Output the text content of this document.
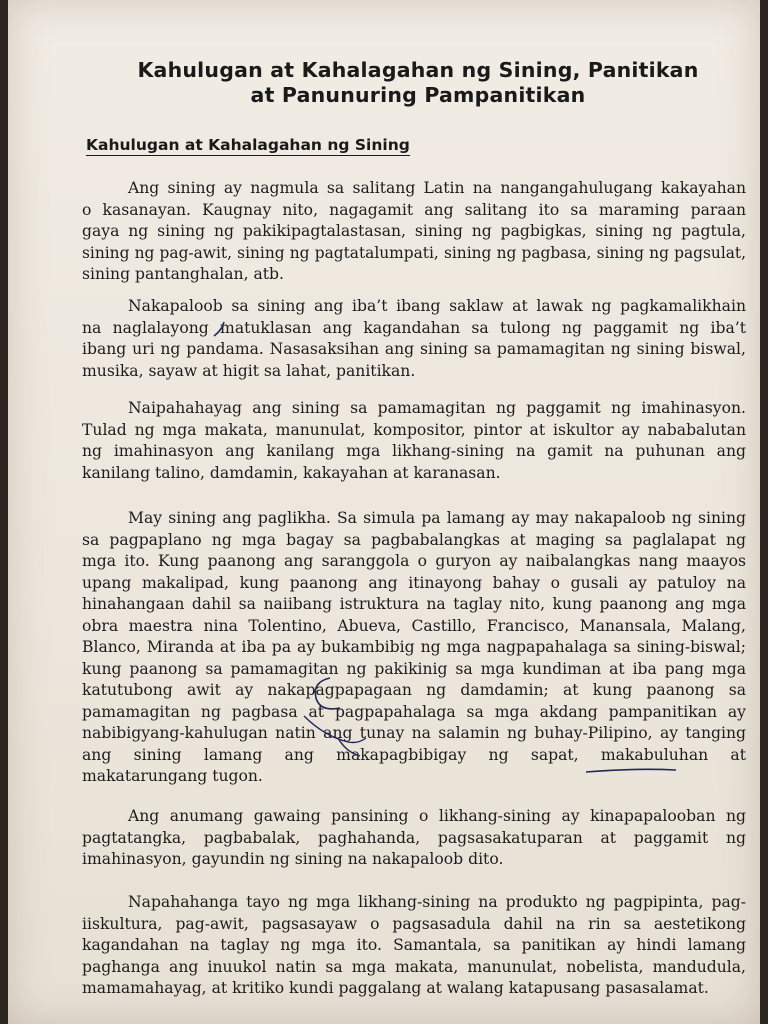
Kahulugan at Kahalagahan ng Sining, Panitikan
at Panunuring Pampanitikan
Kahulugan at Kahalagahan ng Sining
Ang sining ay nagmula sa salitang Latin na nangangahulugang kakayahan
o kasanayan. Kaugnay nito, nagagamit ang salitang ito sa maraming paraan
gaya ng sining ng pakikipagtalastasan, sining ng pagbigkas, sining ng pagtula,
sining ng pag-awit, sining ng pagtatalumpati, sining ng pagbasa, sining ng pagsulat,
sining pantanghalan, atb.
Nakapaloob sa sining ang iba’t ibang saklaw at lawak ng pagkamalikhain
na naglalayong matuklasan ang kagandahan sa tulong ng paggamit ng iba’t
ibang uri ng pandama. Nasasaksihan ang sining sa pamamagitan ng sining biswal,
musika, sayaw at higit sa lahat, panitikan.
Naipahahayag ang sining sa pamamagitan ng paggamit ng imahinasyon.
Tulad ng mga makata, manunulat, kompositor, pintor at iskultor ay nababalutan
ng imahinasyon ang kanilang mga likhang-sining na gamit na puhunan ang
kanilang talino, damdamin, kakayahan at karanasan.
May sining ang paglikha. Sa simula pa lamang ay may nakapaloob ng sining
sa pagpaplano ng mga bagay sa pagbabalangkas at maging sa paglalapat ng
mga ito. Kung paanong ang saranggola o guryon ay naibalangkas nang maayos
upang makalipad, kung paanong ang itinayong bahay o gusali ay patuloy na
hinahangaan dahil sa naiibang istruktura na taglay nito, kung paanong ang mga
obra maestra nina Tolentino, Abueva, Castillo, Francisco, Manansala, Malang,
Blanco, Miranda at iba pa ay bukambibig ng mga nagpapahalaga sa sining-biswal;
kung paanong sa pamamagitan ng pakikinig sa mga kundiman at iba pang mga
katutubong awit ay nakapagpapagaan ng damdamin; at kung paanong sa
pamamagitan ng pagbasa at pagpapahalaga sa mga akdang pampanitikan ay
nabibigyang-kahulugan natin ang tunay na salamin ng buhay-Pilipino, ay tanging
ang sining lamang ang makapagbibigay ng sapat, makabuluhan at
makatarungang tugon.
Ang anumang gawaing pansining o likhang-sining ay kinapapalooban ng
pagtatangka, pagbabalak, paghahanda, pagsasakatuparan at paggamit ng
imahinasyon, gayundin ng sining na nakapaloob dito.
Napahahanga tayo ng mga likhang-sining na produkto ng pagpipinta, pag-
iiskultura, pag-awit, pagsasayaw o pagsasadula dahil na rin sa aestetikong
kagandahan na taglay ng mga ito. Samantala, sa panitikan ay hindi lamang
paghanga ang inuukol natin sa mga makata, manunulat, nobelista, mandudula,
mamamahayag, at kritiko kundi paggalang at walang katapusang pasasalamat.
